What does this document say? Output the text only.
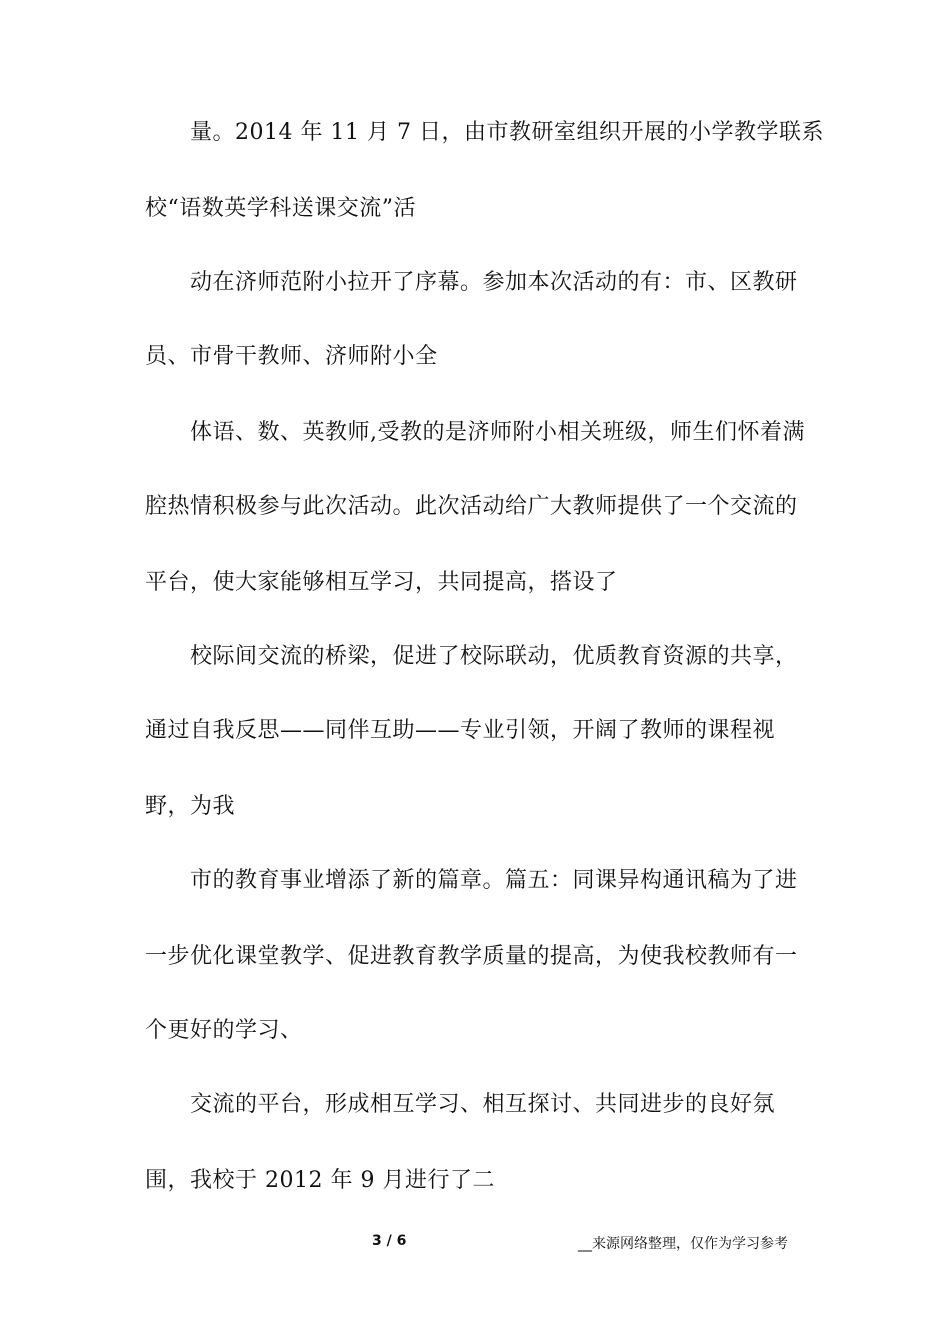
量。2014 年 11 月 7 日，由市教研室组织开展的小学教学联系
校“语数英学科送课交流”活
动在济师范附小拉开了序幕。参加本次活动的有：市、区教研
员、市骨干教师、济师附小全
体语、数、英教师,受教的是济师附小相关班级，师生们怀着满
腔热情积极参与此次活动。此次活动给广大教师提供了一个交流的
平台，使大家能够相互学习，共同提高，搭设了
校际间交流的桥梁，促进了校际联动，优质教育资源的共享，
通过自我反思——同伴互助——专业引领，开阔了教师的课程视
野，为我
市的教育事业增添了新的篇章。篇五：同课异构通讯稿为了进
一步优化课堂教学、促进教育教学质量的提高，为使我校教师有一
个更好的学习、
交流的平台，形成相互学习、相互探讨、共同进步的良好氛
围，我校于 2012 年 9 月进行了二
3 / 6	__来源网络整理，仅作为学习参考
